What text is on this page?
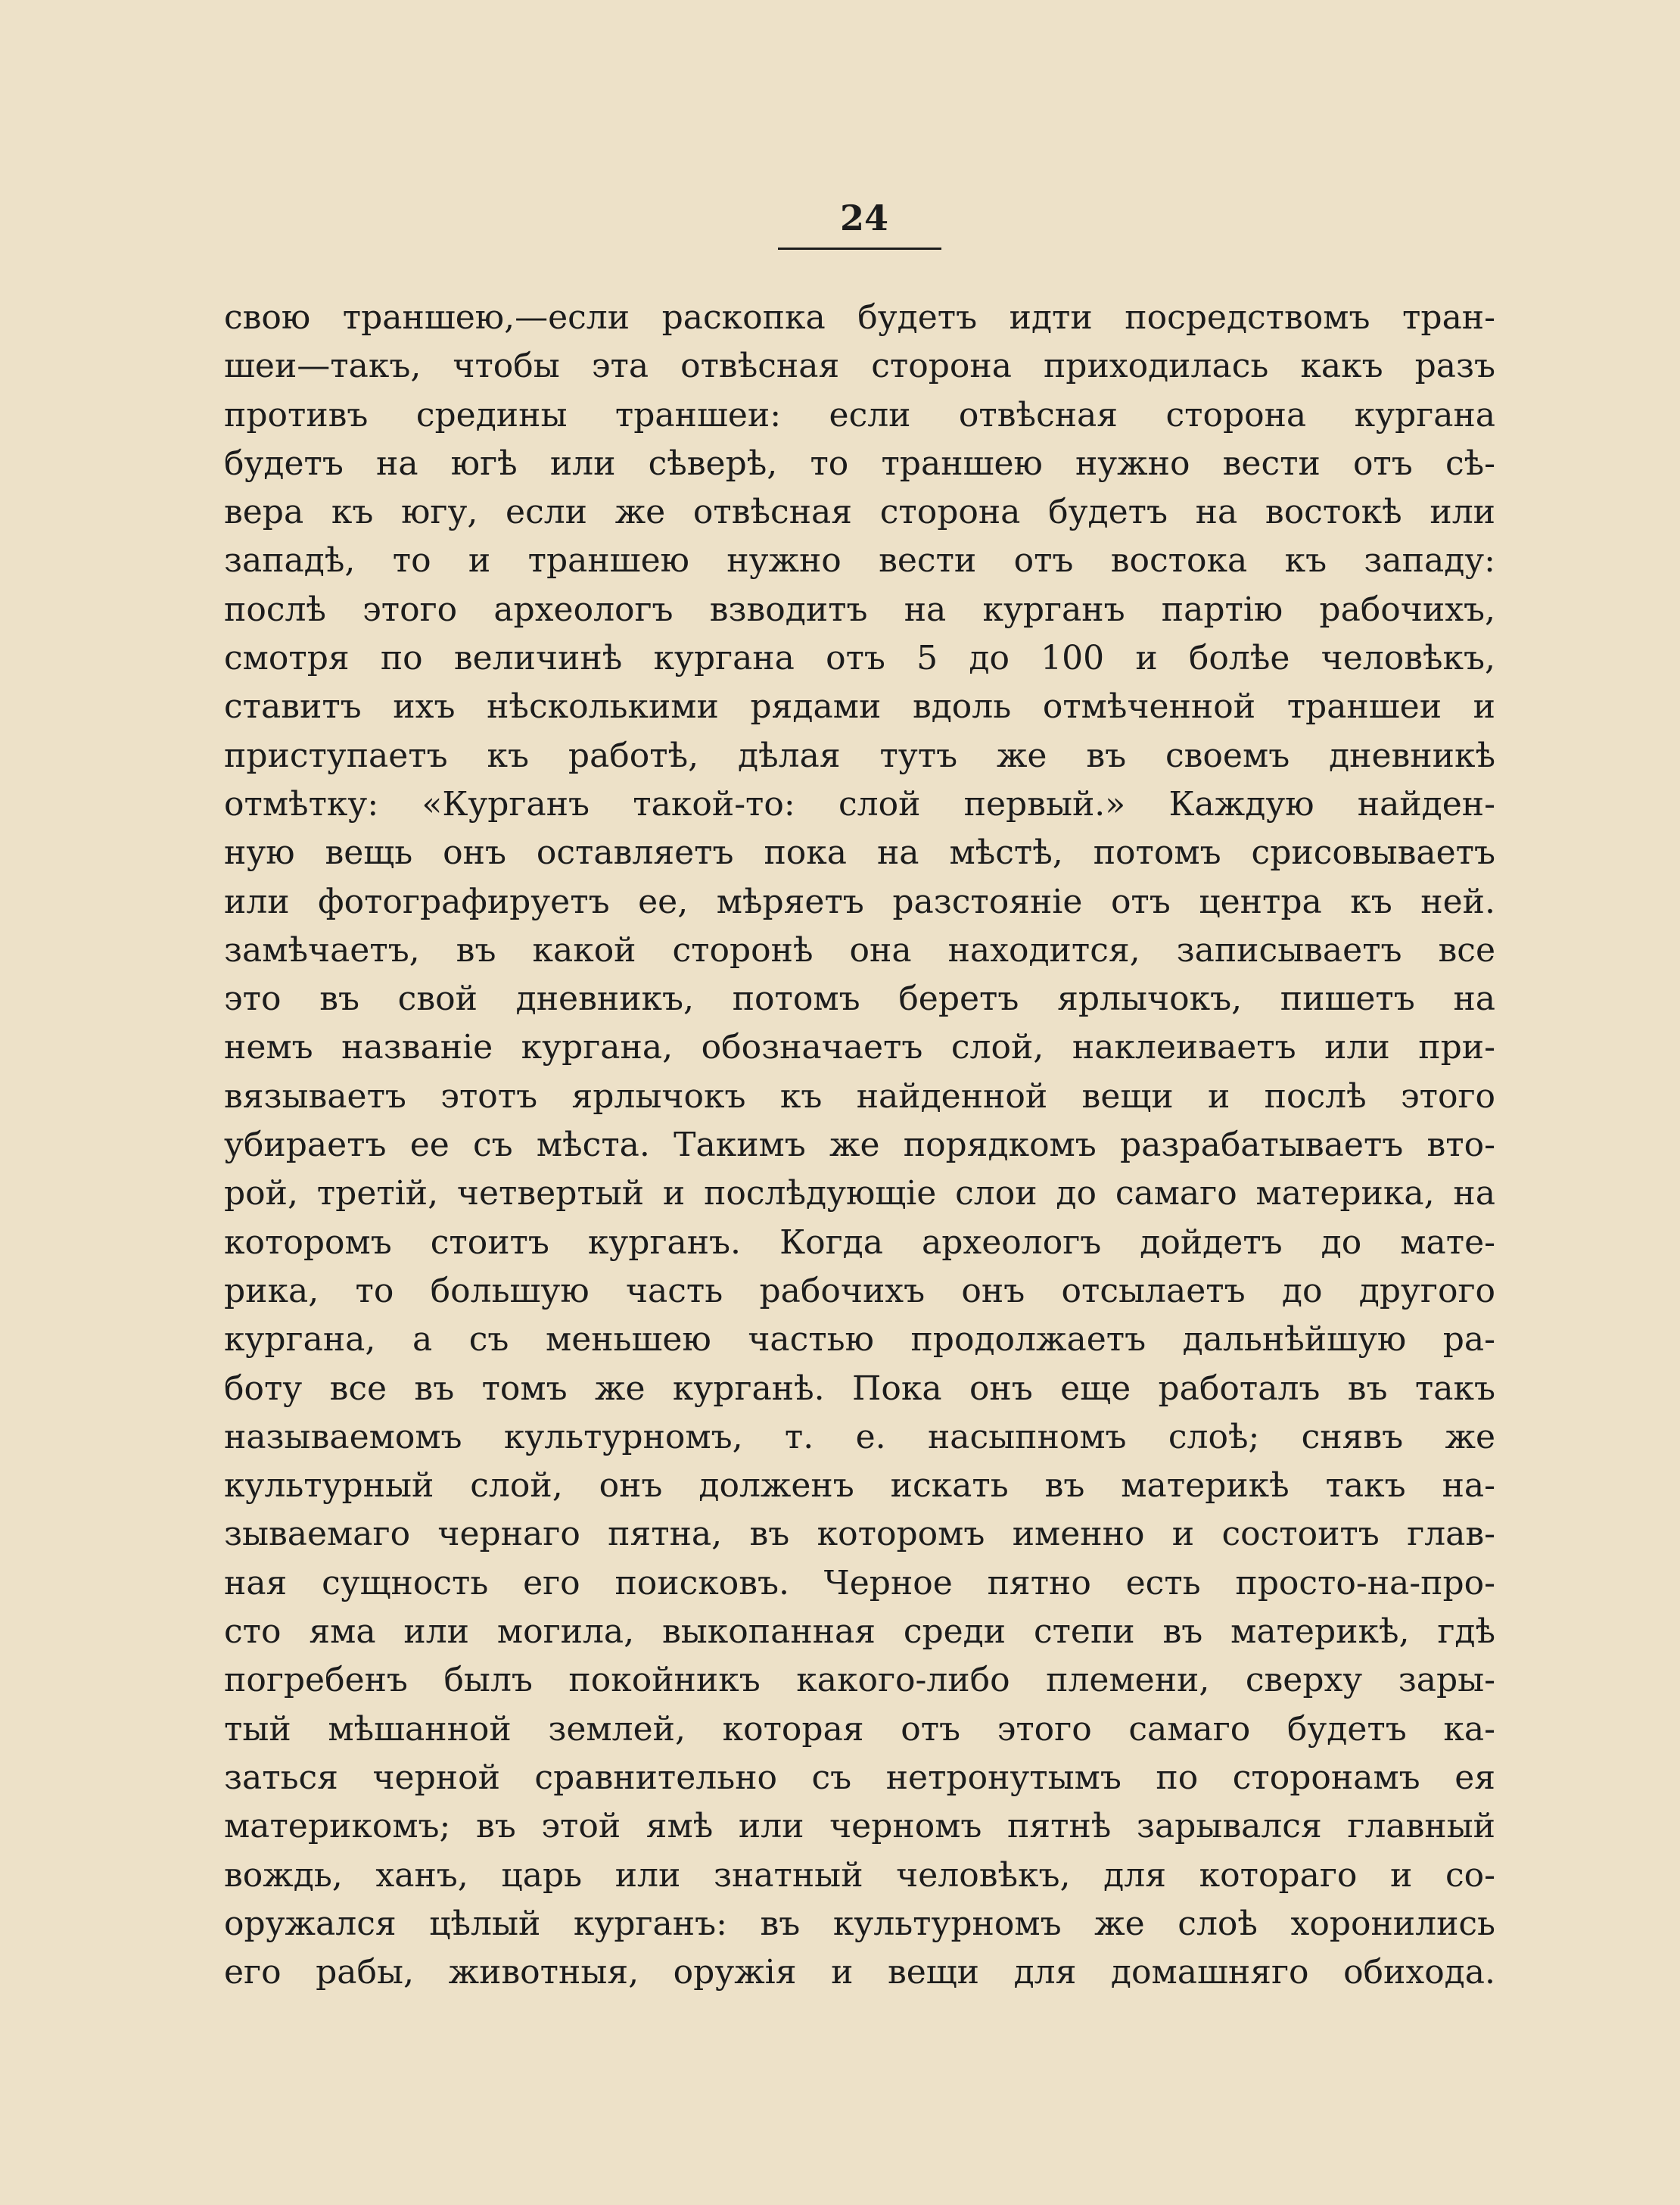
24
свою траншею,—если раскопка будетъ идти посредствомъ тран-
шеи—такъ, чтобы эта отвѣсная сторона приходилась какъ разъ
противъ средины траншеи: если отвѣсная сторона кургана
будетъ на югѣ или сѣверѣ, то траншею нужно вести отъ сѣ-
вера къ югу, если же отвѣсная сторона будетъ на востокѣ или
западѣ, то и траншею нужно вести отъ востока къ западу:
послѣ этого археологъ взводитъ на курганъ партію рабочихъ,
смотря по величинѣ кургана отъ 5 до 100 и болѣе человѣкъ,
ставитъ ихъ нѣсколькими рядами вдоль отмѣченной траншеи и
приступаетъ къ работѣ, дѣлая тутъ же въ своемъ дневникѣ
отмѣтку: «Курганъ такой-то: слой первый.» Каждую найден-
ную вещь онъ оставляетъ пока на мѣстѣ, потомъ срисовываетъ
или фотографируетъ ее, мѣряетъ разстояніе отъ центра къ ней.
замѣчаетъ, въ какой сторонѣ она находится, записываетъ все
это въ свой дневникъ, потомъ беретъ ярлычокъ, пишетъ на
немъ названіе кургана, обозначаетъ слой, наклеиваетъ или при-
вязываетъ этотъ ярлычокъ къ найденной вещи и послѣ этого
убираетъ ее съ мѣста. Такимъ же порядкомъ разрабатываетъ вто-
рой, третій, четвертый и послѣдующіе слои до самаго материка, на
которомъ стоитъ курганъ. Когда археологъ дойдетъ до мате-
рика, то большую часть рабочихъ онъ отсылаетъ до другого
кургана, а съ меньшею частью продолжаетъ дальнѣйшую ра-
боту все въ томъ же курганѣ. Пока онъ еще работалъ въ такъ
называемомъ культурномъ, т. е. насыпномъ слоѣ; снявъ же
культурный слой, онъ долженъ искать въ материкѣ такъ на-
зываемаго чернаго пятна, въ которомъ именно и состоитъ глав-
ная сущность его поисковъ. Черное пятно есть просто-на-про-
сто яма или могила, выкопанная среди степи въ материкѣ, гдѣ
погребенъ былъ покойникъ какого-либо племени, сверху зары-
тый мѣшанной землей, которая отъ этого самаго будетъ ка-
заться черной сравнительно съ нетронутымъ по сторонамъ ея
материкомъ; въ этой ямѣ или черномъ пятнѣ зарывался главный
вождь, ханъ, царь или знатный человѣкъ, для котораго и со-
оружался цѣлый курганъ: въ культурномъ же слоѣ хоронились
его рабы, животныя, оружія и вещи для домашняго обихода.
